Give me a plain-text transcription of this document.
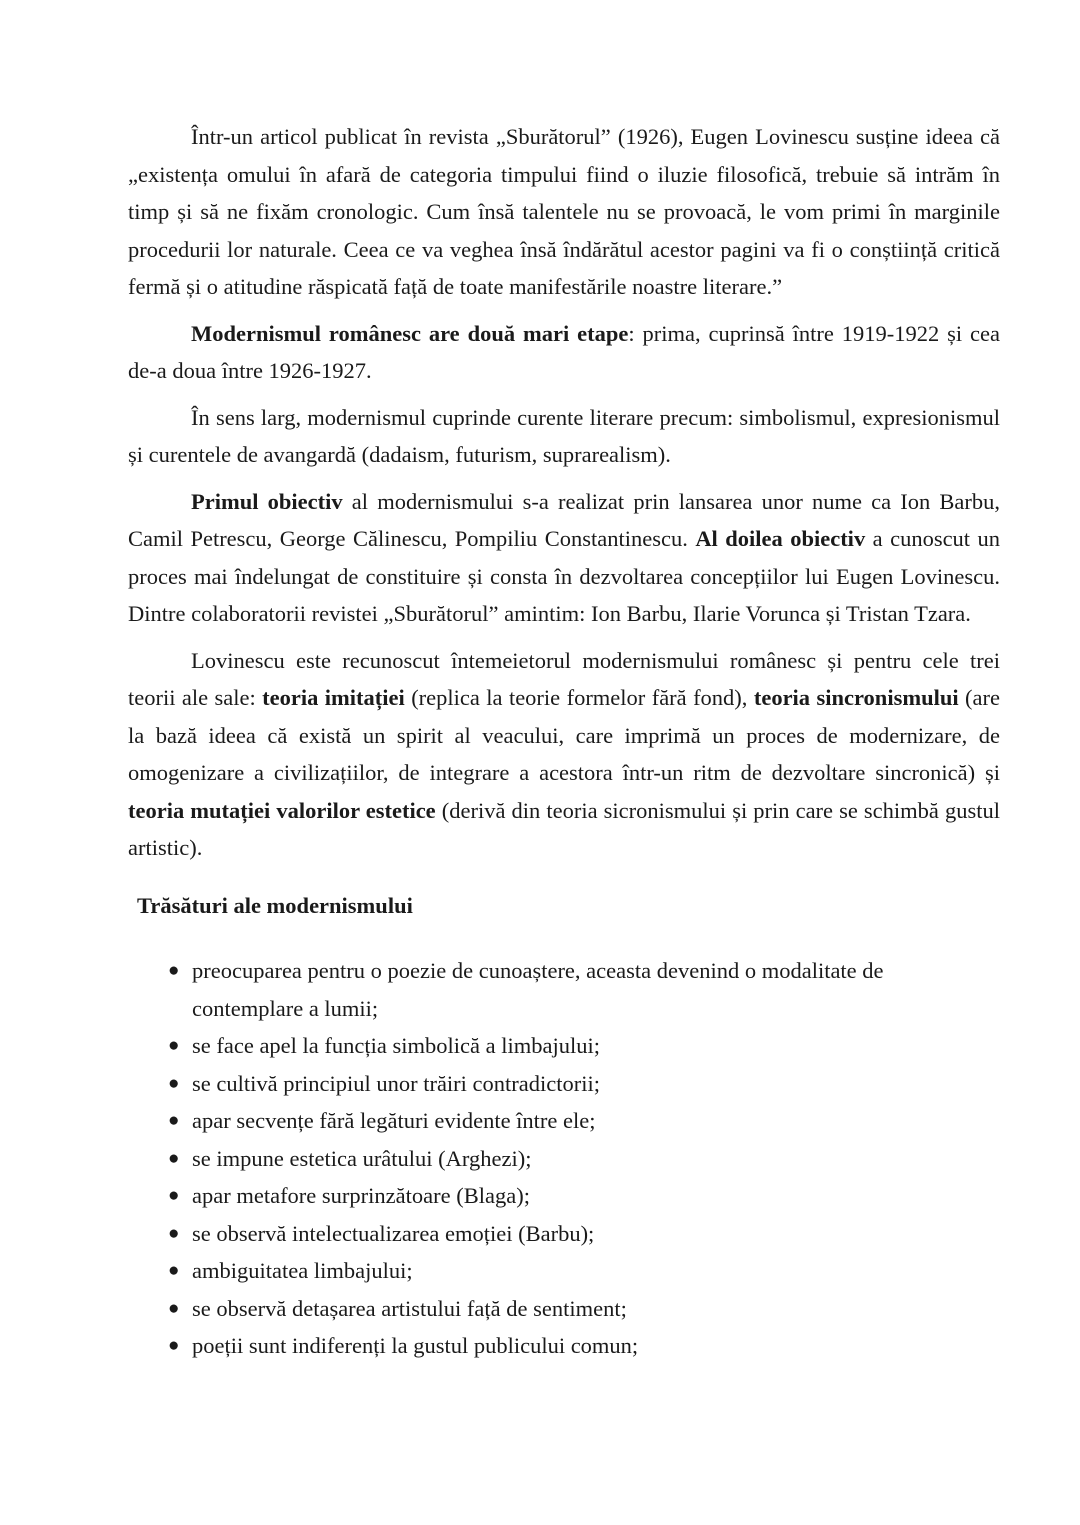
Într-un articol publicat în revista „Sburătorul” (1926), Eugen Lovinescu susține ideea că „existența omului în afară de categoria timpului fiind o iluzie filosofică, trebuie să intrăm în timp și să ne fixăm cronologic. Cum însă talentele nu se provoacă, le vom primi în marginile procedurii lor naturale. Ceea ce va veghea însă îndărătul acestor pagini va fi o conștiință critică fermă și o atitudine răspicată față de toate manifestările noastre literare.”

Modernismul românesc are două mari etape: prima, cuprinsă între 1919-1922 și cea de-a doua între 1926-1927.

În sens larg, modernismul cuprinde curente literare precum: simbolismul, expresionismul și curentele de avangardă (dadaism, futurism, suprarealism).

Primul obiectiv al modernismului s-a realizat prin lansarea unor nume ca Ion Barbu, Camil Petrescu, George Călinescu, Pompiliu Constantinescu. Al doilea obiectiv a cunoscut un proces mai îndelungat de constituire și consta în dezvoltarea concepțiilor lui Eugen Lovinescu. Dintre colaboratorii revistei „Sburătorul” amintim: Ion Barbu, Ilarie Vorunca și Tristan Tzara.

Lovinescu este recunoscut întemeietorul modernismului românesc și pentru cele trei teorii ale sale: teoria imitației (replica la teorie formelor fără fond), teoria sincronismului (are la bază ideea că există un spirit al veacului, care imprimă un proces de modernizare, de omogenizare a civilizațiilor, de integrare a acestora într-un ritm de dezvoltare sincronică) și teoria mutației valorilor estetice (derivă din teoria sicronismului și prin care se schimbă gustul artistic).

Trăsături ale modernismului
● preocuparea pentru o poezie de cunoaștere, aceasta devenind o modalitate de contemplare a lumii;
● se face apel la funcția simbolică a limbajului;
● se cultivă principiul unor trăiri contradictorii;
● apar secvențe fără legături evidente între ele;
● se impune estetica urâtului (Arghezi);
● apar metafore surprinzătoare (Blaga);
● se observă intelectualizarea emoției (Barbu);
● ambiguitatea limbajului;
● se observă detașarea artistului față de sentiment;
● poeții sunt indiferenți la gustul publicului comun;
